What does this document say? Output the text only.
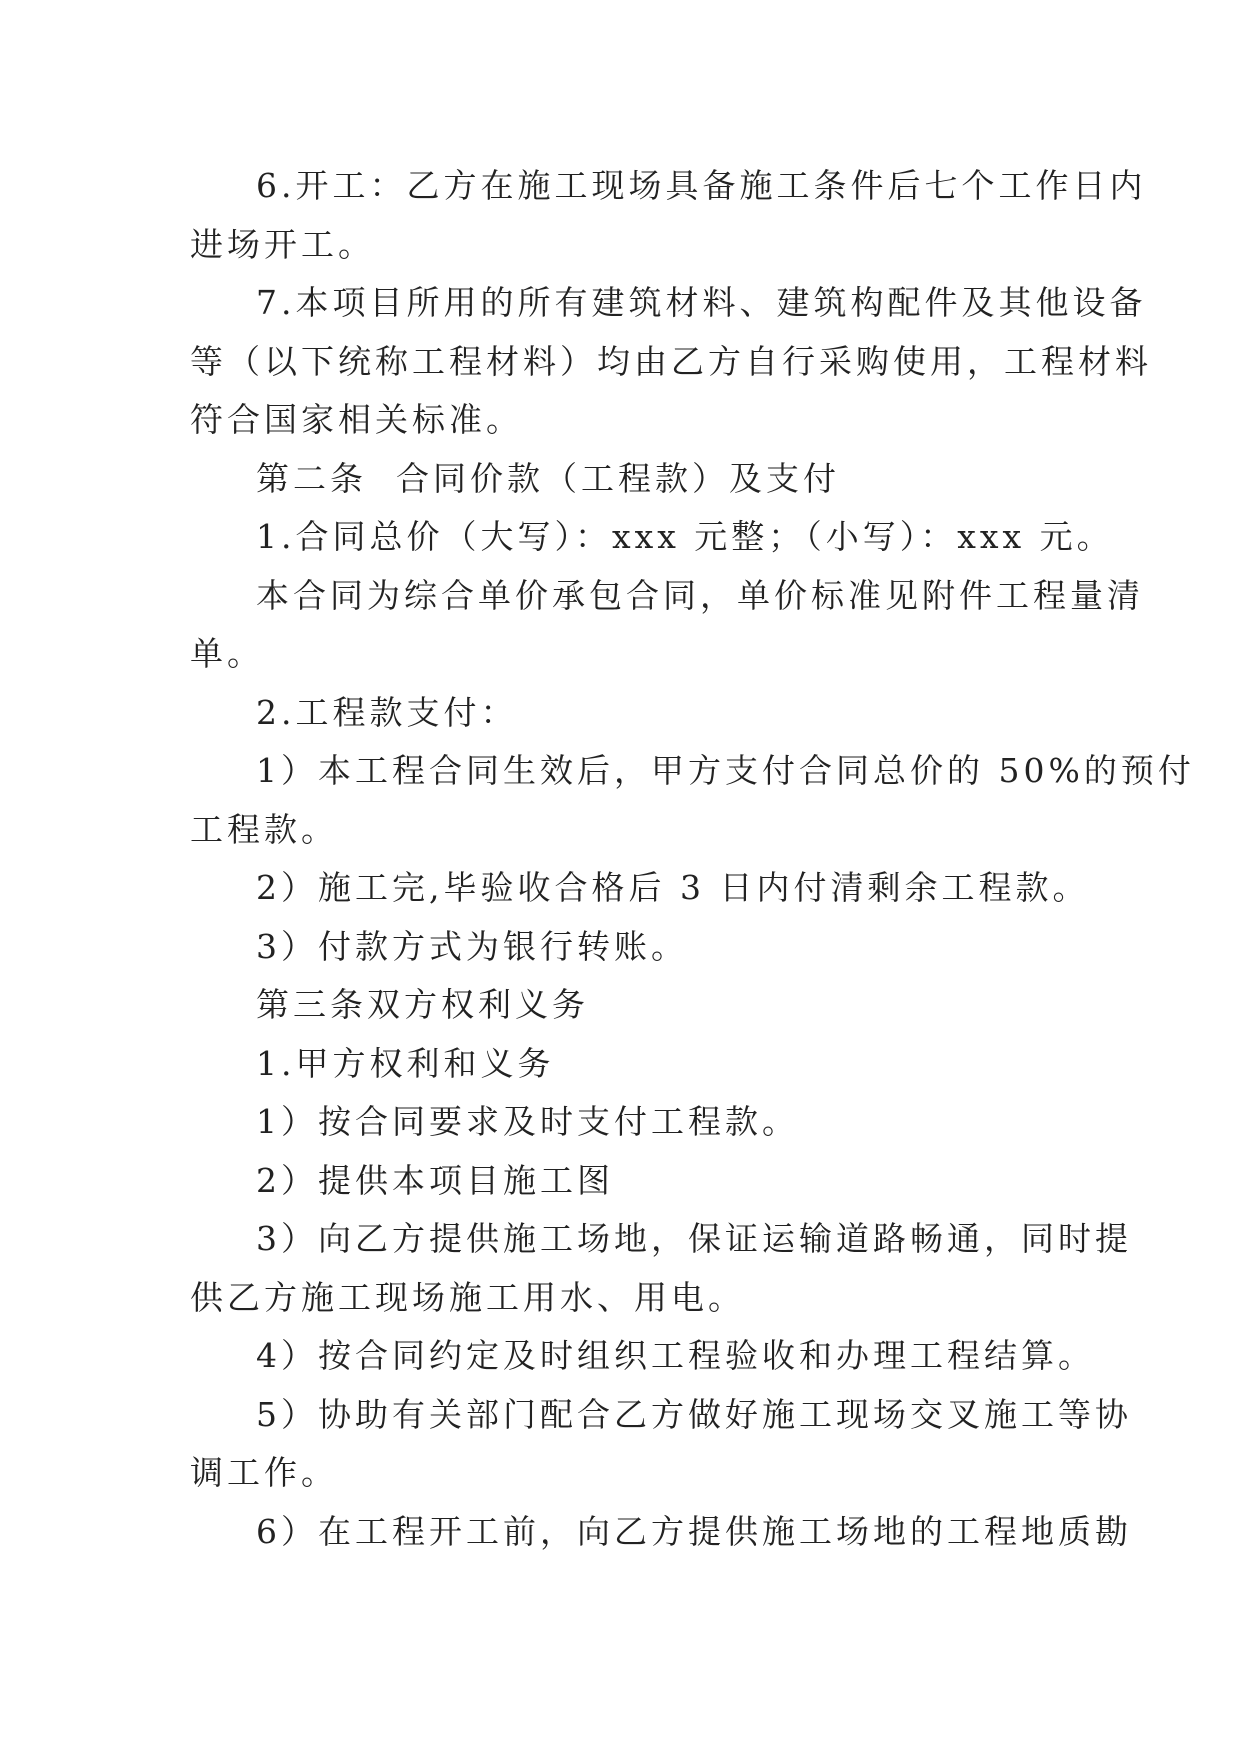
6.开工：乙方在施工现场具备施工条件后七个工作日内
进场开工。
7.本项目所用的所有建筑材料、建筑构配件及其他设备
等（以下统称工程材料）均由乙方自行采购使用，工程材料
符合国家相关标准。
第二条  合同价款（工程款）及支付
1.合同总价（大写）：xxx 元整；（小写）：xxx 元。
本合同为综合单价承包合同，单价标准见附件工程量清
单。
2.工程款支付：
1）本工程合同生效后，甲方支付合同总价的 50%的预付
工程款。
2）施工完,毕验收合格后 3 日内付清剩余工程款。
3）付款方式为银行转账。
第三条双方权利义务
1.甲方权利和义务
1）按合同要求及时支付工程款。
2）提供本项目施工图
3）向乙方提供施工场地，保证运输道路畅通，同时提
供乙方施工现场施工用水、用电。
4）按合同约定及时组织工程验收和办理工程结算。
5）协助有关部门配合乙方做好施工现场交叉施工等协
调工作。
6）在工程开工前，向乙方提供施工场地的工程地质勘
